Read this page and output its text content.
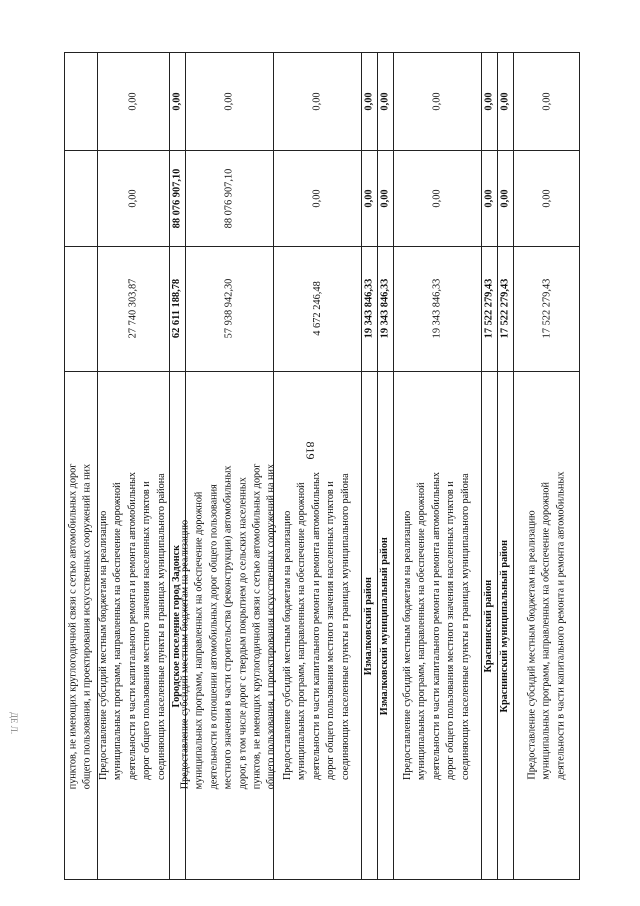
819
ДЕ Л.	пунктов, не имеющих круглогодичной связи с сетью автомобильных дорог общего пользования, и проектирования искусственных сооружений на них Предоставление субсидий местным бюджетам на реализацию муниципальных программ, направленных на обеспечение дорожной деятельности в части капитального ремонта и ремонта автомобильных дорог общего пользования местного значения населенных пунктов и соединяющих населенные пункты в границах муниципального района
0,00
0,00
27 740 303,87
Городское поселение город Задонск
0,00
88 076 907,10
62 611 188,78
Предоставление субсидий местным бюджетам на реализацию муниципальных программ, направленных на обеспечение дорожной деятельности в отношении автомобильных дорог общего пользования местного значения в части строительства (реконструкции) автомобильных дорог, в том числе дорог с твердым покрытием до сельских населенных пунктов, не имеющих круглогодичной связи с сетью автомобильных дорог общего пользования, и проектирования искусственных сооружений на них
0,00
88 076 907,10
57 938 942,30
Предоставление субсидий местным бюджетам на реализацию муниципальных программ, направленных на обеспечение дорожной деятельности в части капитального ремонта и ремонта автомобильных дорог общего пользования местного значения населенных пунктов и соединяющих населенные пункты в границах муниципального района
0,00
0,00
4 672 246,48
Измалковский район
0,00
0,00
19 343 846,33
Измалковский муниципальный район
0,00
0,00
19 343 846,33
Предоставление субсидий местным бюджетам на реализацию муниципальных программ, направленных на обеспечение дорожной деятельности в части капитального ремонта и ремонта автомобильных дорог общего пользования местного значения населенных пунктов и соединяющих населенные пункты в границах муниципального района
0,00
0,00
19 343 846,33
Краснинский район
0,00
0,00
17 522 279,43
Краснинский муниципальный район
0,00
0,00
17 522 279,43
Предоставление субсидий местным бюджетам на реализацию муниципальных программ, направленных на обеспечение дорожной деятельности в части капитального ремонта и ремонта автомобильных
0,00
0,00
17 522 279,43
